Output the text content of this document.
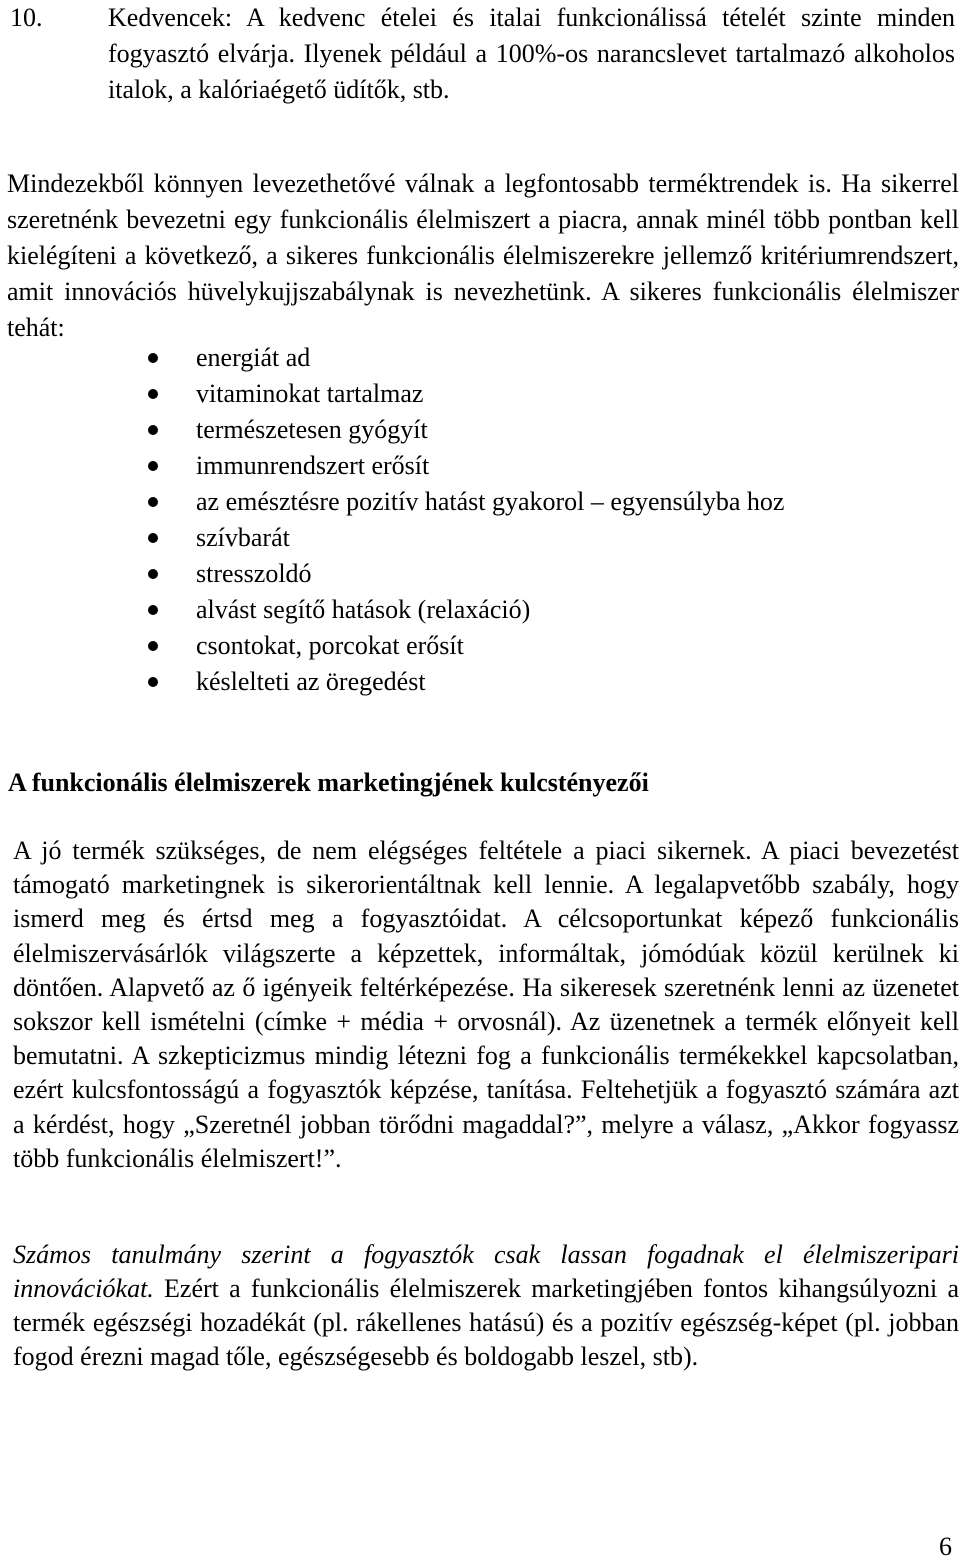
10.	Kedvencek: A kedvenc ételei és italai funkcionálissá tételét szinte minden fogyasztó elvárja. Ilyenek például a 100%-os narancslevet tartalmazó alkoholos italok, a kalóriaégető üdítők, stb.

Mindezekből könnyen levezethetővé válnak a legfontosabb terméktrendek is. Ha sikerrel szeretnénk bevezetni egy funkcionális élelmiszert a piacra, annak minél több pontban kell kielégíteni a következő, a sikeres funkcionális élelmiszerekre jellemző kritériumrendszert, amit innovációs hüvelykujjszabálynak is nevezhetünk. A sikeres funkcionális élelmiszer tehát:

energiát ad
vitaminokat tartalmaz
természetesen gyógyít
immunrendszert erősít
az emésztésre pozitív hatást gyakorol – egyensúlyba hoz
szívbarát
stresszoldó
alvást segítő hatások (relaxáció)
csontokat, porcokat erősít
késlelteti az öregedést
A funkcionális élelmiszerek marketingjének kulcstényezői

A jó termék szükséges, de nem elégséges feltétele a piaci sikernek. A piaci bevezetést támogató marketingnek is sikerorientáltnak kell lennie. A legalapvetőbb szabály, hogy ismerd meg és értsd meg a fogyasztóidat. A célcsoportunkat képező funkcionális élelmiszervásárlók világszerte a képzettek, informáltak, jómódúak közül kerülnek ki döntően. Alapvető az ő igényeik feltérképezése. Ha sikeresek szeretnénk lenni az üzenetet sokszor kell ismételni (címke + média + orvosnál). Az üzenetnek a termék előnyeit kell bemutatni. A szkepticizmus mindig létezni fog a funkcionális termékekkel kapcsolatban, ezért kulcsfontosságú a fogyasztók képzése, tanítása. Feltehetjük a fogyasztó számára azt a kérdést, hogy „Szeretnél jobban törődni magaddal?”, melyre a válasz, „Akkor fogyassz több funkcionális élelmiszert!”.

Számos tanulmány szerint a fogyasztók csak lassan fogadnak el élelmiszeripari innovációkat. Ezért a funkcionális élelmiszerek marketingjében fontos kihangsúlyozni a termék egészségi hozadékát (pl. rákellenes hatású) és a pozitív egészség-képet (pl. jobban fogod érezni magad tőle, egészségesebb és boldogabb leszel, stb).

6
